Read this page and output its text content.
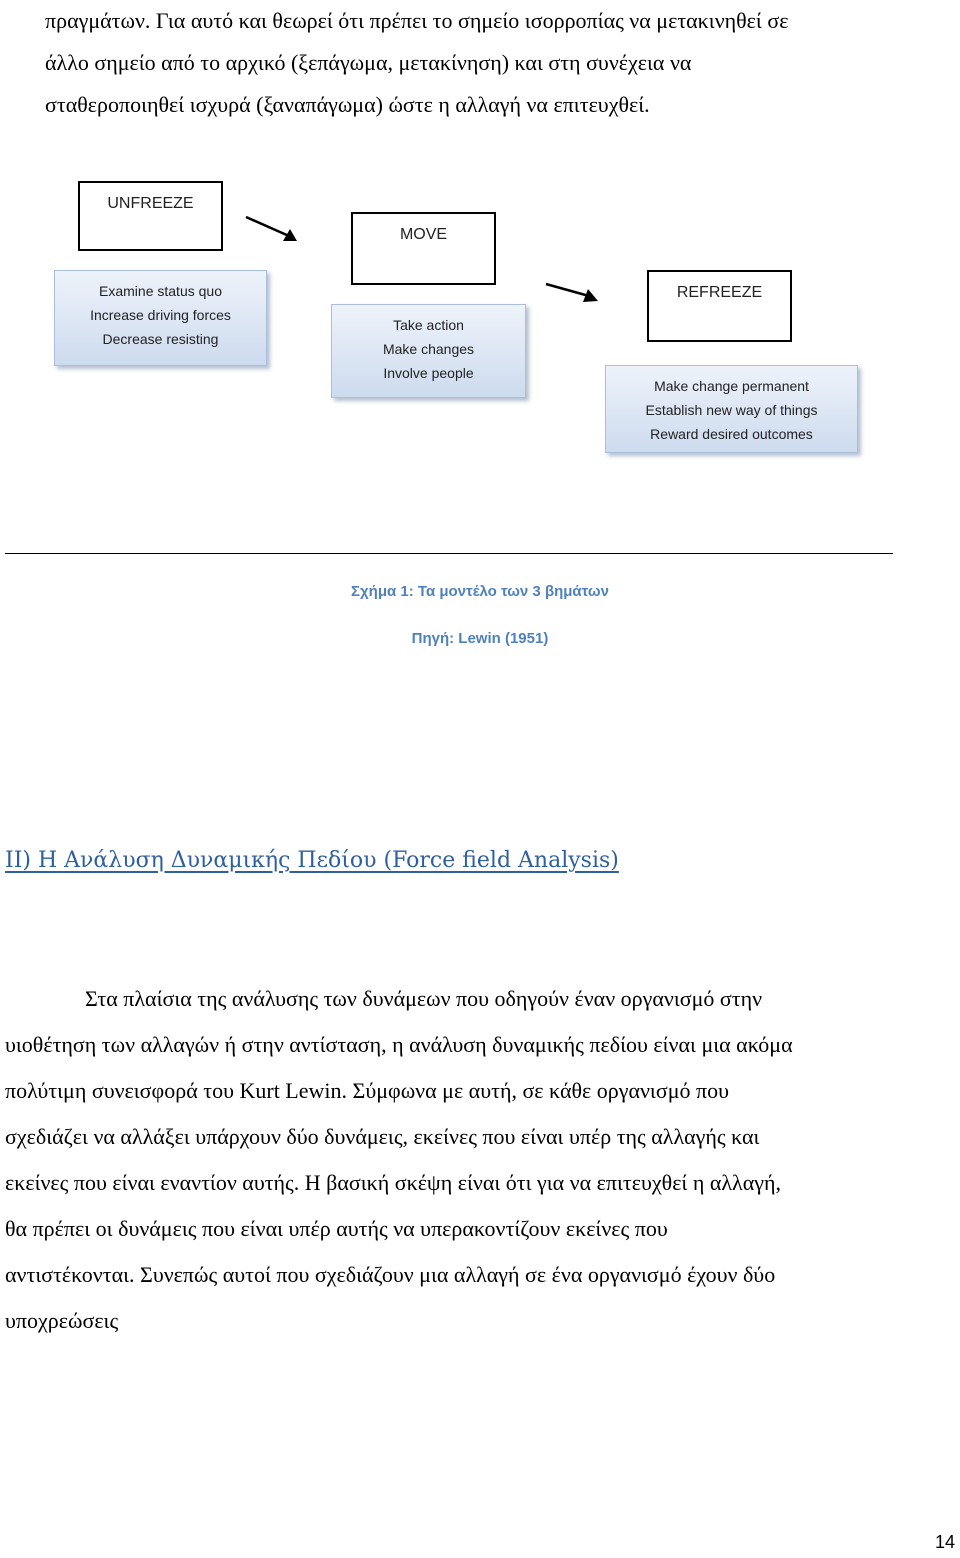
πραγμάτων. Για αυτό και θεωρεί ότι πρέπει το σημείο ισορροπίας να μετακινηθεί σε
άλλο σημείο από το αρχικό (ξεπάγωμα, μετακίνηση) και στη συνέχεια να
σταθεροποιηθεί ισχυρά (ξαναπάγωμα) ώστε η αλλαγή να επιτευχθεί.

UNFREEZE
Examine status quo
Increase driving forces
Decrease resisting
MOVE
Take action
Make changes
Involve people
REFREEZE
Make change permanent
Establish new way of things
Reward desired outcomes
Σχήμα 1: Τα μοντέλο των 3 βημάτων
Πηγή: Lewin (1951)
II) Η Ανάλυση Δυναμικής Πεδίου (Force field Analysis)

Στα πλαίσια της ανάλυσης των δυνάμεων που οδηγούν έναν οργανισμό στην
υιοθέτηση των αλλαγών ή στην αντίσταση, η ανάλυση δυναμικής πεδίου είναι μια ακόμα
πολύτιμη συνεισφορά του Kurt Lewin. Σύμφωνα με αυτή, σε κάθε οργανισμό που
σχεδιάζει να αλλάξει υπάρχουν δύο δυνάμεις, εκείνες που είναι υπέρ της αλλαγής και
εκείνες που είναι εναντίον αυτής. Η βασική σκέψη είναι ότι για να επιτευχθεί η αλλαγή,
θα πρέπει οι δυνάμεις που είναι υπέρ αυτής να υπερακοντίζουν εκείνες που
αντιστέκονται. Συνεπώς αυτοί που σχεδιάζουν μια αλλαγή σε ένα οργανισμό έχουν δύο
υποχρεώσεις

14
